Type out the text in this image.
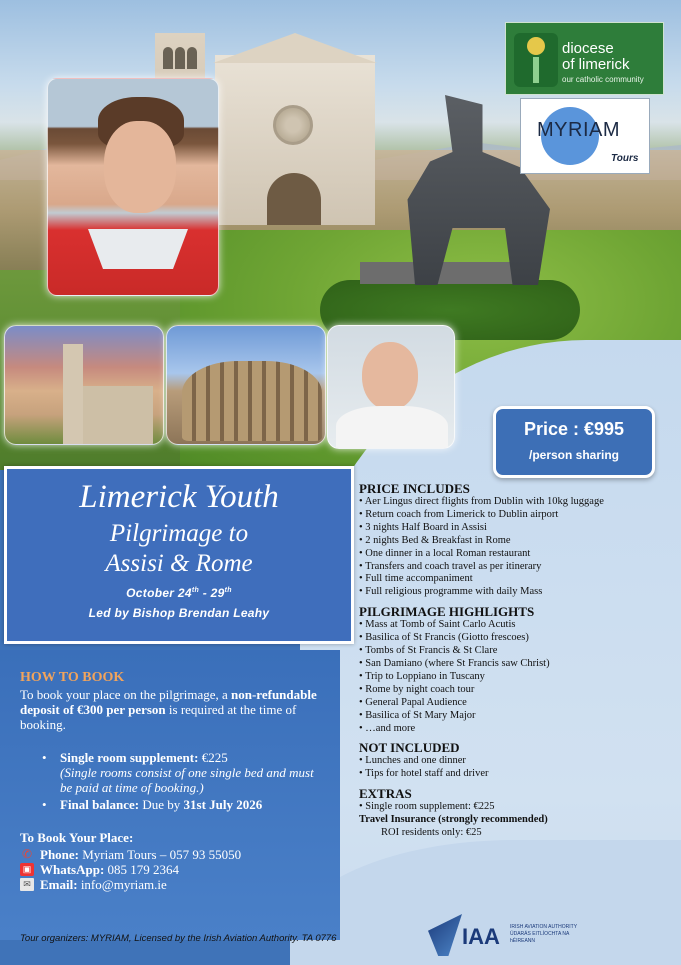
diocese
of limerick
our catholic community
MYRIAM
Tours
Price : €995
/person sharing
Limerick Youth
Pilgrimage to
Assisi & Rome
October 24th - 29th
Led by Bishop Brendan Leahy
HOW TO BOOK
To book your place on the pilgrimage, a non-refundable deposit of €300 per person is required at the time of booking.
• Single room supplement: €225
(Single rooms consist of one single bed and must be paid at time of booking.)
• Final balance: Due by 31st July 2026
To Book Your Place:
✆ Phone: Myriam Tours – 057 93 55050
▣ WhatsApp: 085 179 2364
✉ Email: info@myriam.ie
PRICE INCLUDES
• Aer Lingus direct flights from Dublin with 10kg luggage
• Return coach from Limerick to Dublin airport
• 3 nights Half Board in Assisi
• 2 nights Bed & Breakfast in Rome
• One dinner in a local Roman restaurant
• Transfers and coach travel as per itinerary
• Full time accompaniment
• Full religious programme with daily Mass
PILGRIMAGE HIGHLIGHTS
• Mass at Tomb of Saint Carlo Acutis
• Basilica of St Francis (Giotto frescoes)
• Tombs of St Francis & St Clare
• San Damiano (where St Francis saw Christ)
• Trip to Loppiano in Tuscany
• Rome by night coach tour
• General Papal Audience
• Basilica of St Mary Major
• …and more
NOT INCLUDED
• Lunches and one dinner
• Tips for hotel staff and driver
EXTRAS
• Single room supplement: €225
Travel Insurance (strongly recommended)
ROI residents only: €25
Tour organizers: MYRIAM, Licensed by the Irish Aviation Authority. TA 0776	IAA IRISH AVIATION AUTHORITY ÚDARÁS EITLÍOCHTA NA hÉIREANN
